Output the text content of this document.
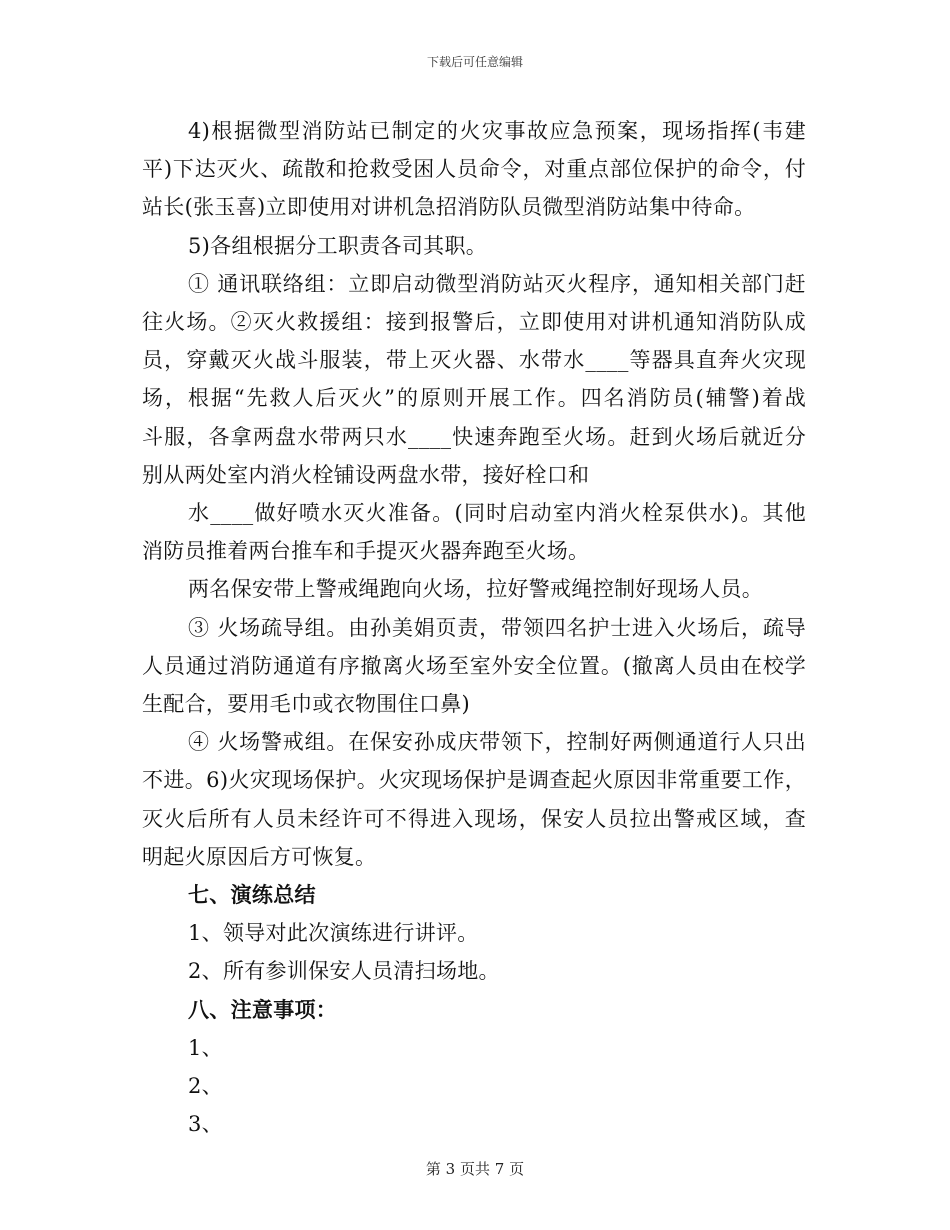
下载后可任意编辑
4)根据微型消防站已制定的火灾事故应急预案，现场指挥(韦建
平)下达灭火、疏散和抢救受困人员命令，对重点部位保护的命令，付
站长(张玉喜)立即使用对讲机急招消防队员微型消防站集中待命。
5)各组根据分工职责各司其职。
① 通讯联络组：立即启动微型消防站灭火程序，通知相关部门赶
往火场。②灭火救援组：接到报警后，立即使用对讲机通知消防队成
员，穿戴灭火战斗服装，带上灭火器、水带水____等器具直奔火灾现
场，根据“先救人后灭火”的原则开展工作。四名消防员(辅警)着战
斗服，各拿两盘水带两只水____快速奔跑至火场。赶到火场后就近分
别从两处室内消火栓铺设两盘水带，接好栓口和
水____做好喷水灭火准备。(同时启动室内消火栓泵供水)。其他
消防员推着两台推车和手提灭火器奔跑至火场。
两名保安带上警戒绳跑向火场，拉好警戒绳控制好现场人员。
③ 火场疏导组。由孙美娟页责，带领四名护士进入火场后，疏导
人员通过消防通道有序撤离火场至室外安全位置。(撤离人员由在校学
生配合，要用毛巾或衣物围住口鼻)
④ 火场警戒组。在保安孙成庆带领下，控制好两侧通道行人只出
不进。6)火灾现场保护。火灾现场保护是调查起火原因非常重要工作，
灭火后所有人员未经许可不得进入现场，保安人员拉出警戒区域，查
明起火原因后方可恢复。
七、演练总结
1、领导对此次演练进行讲评。
2、所有参训保安人员清扫场地。
八、注意事项：
1、
2、
3、
第 3 页共 7 页
